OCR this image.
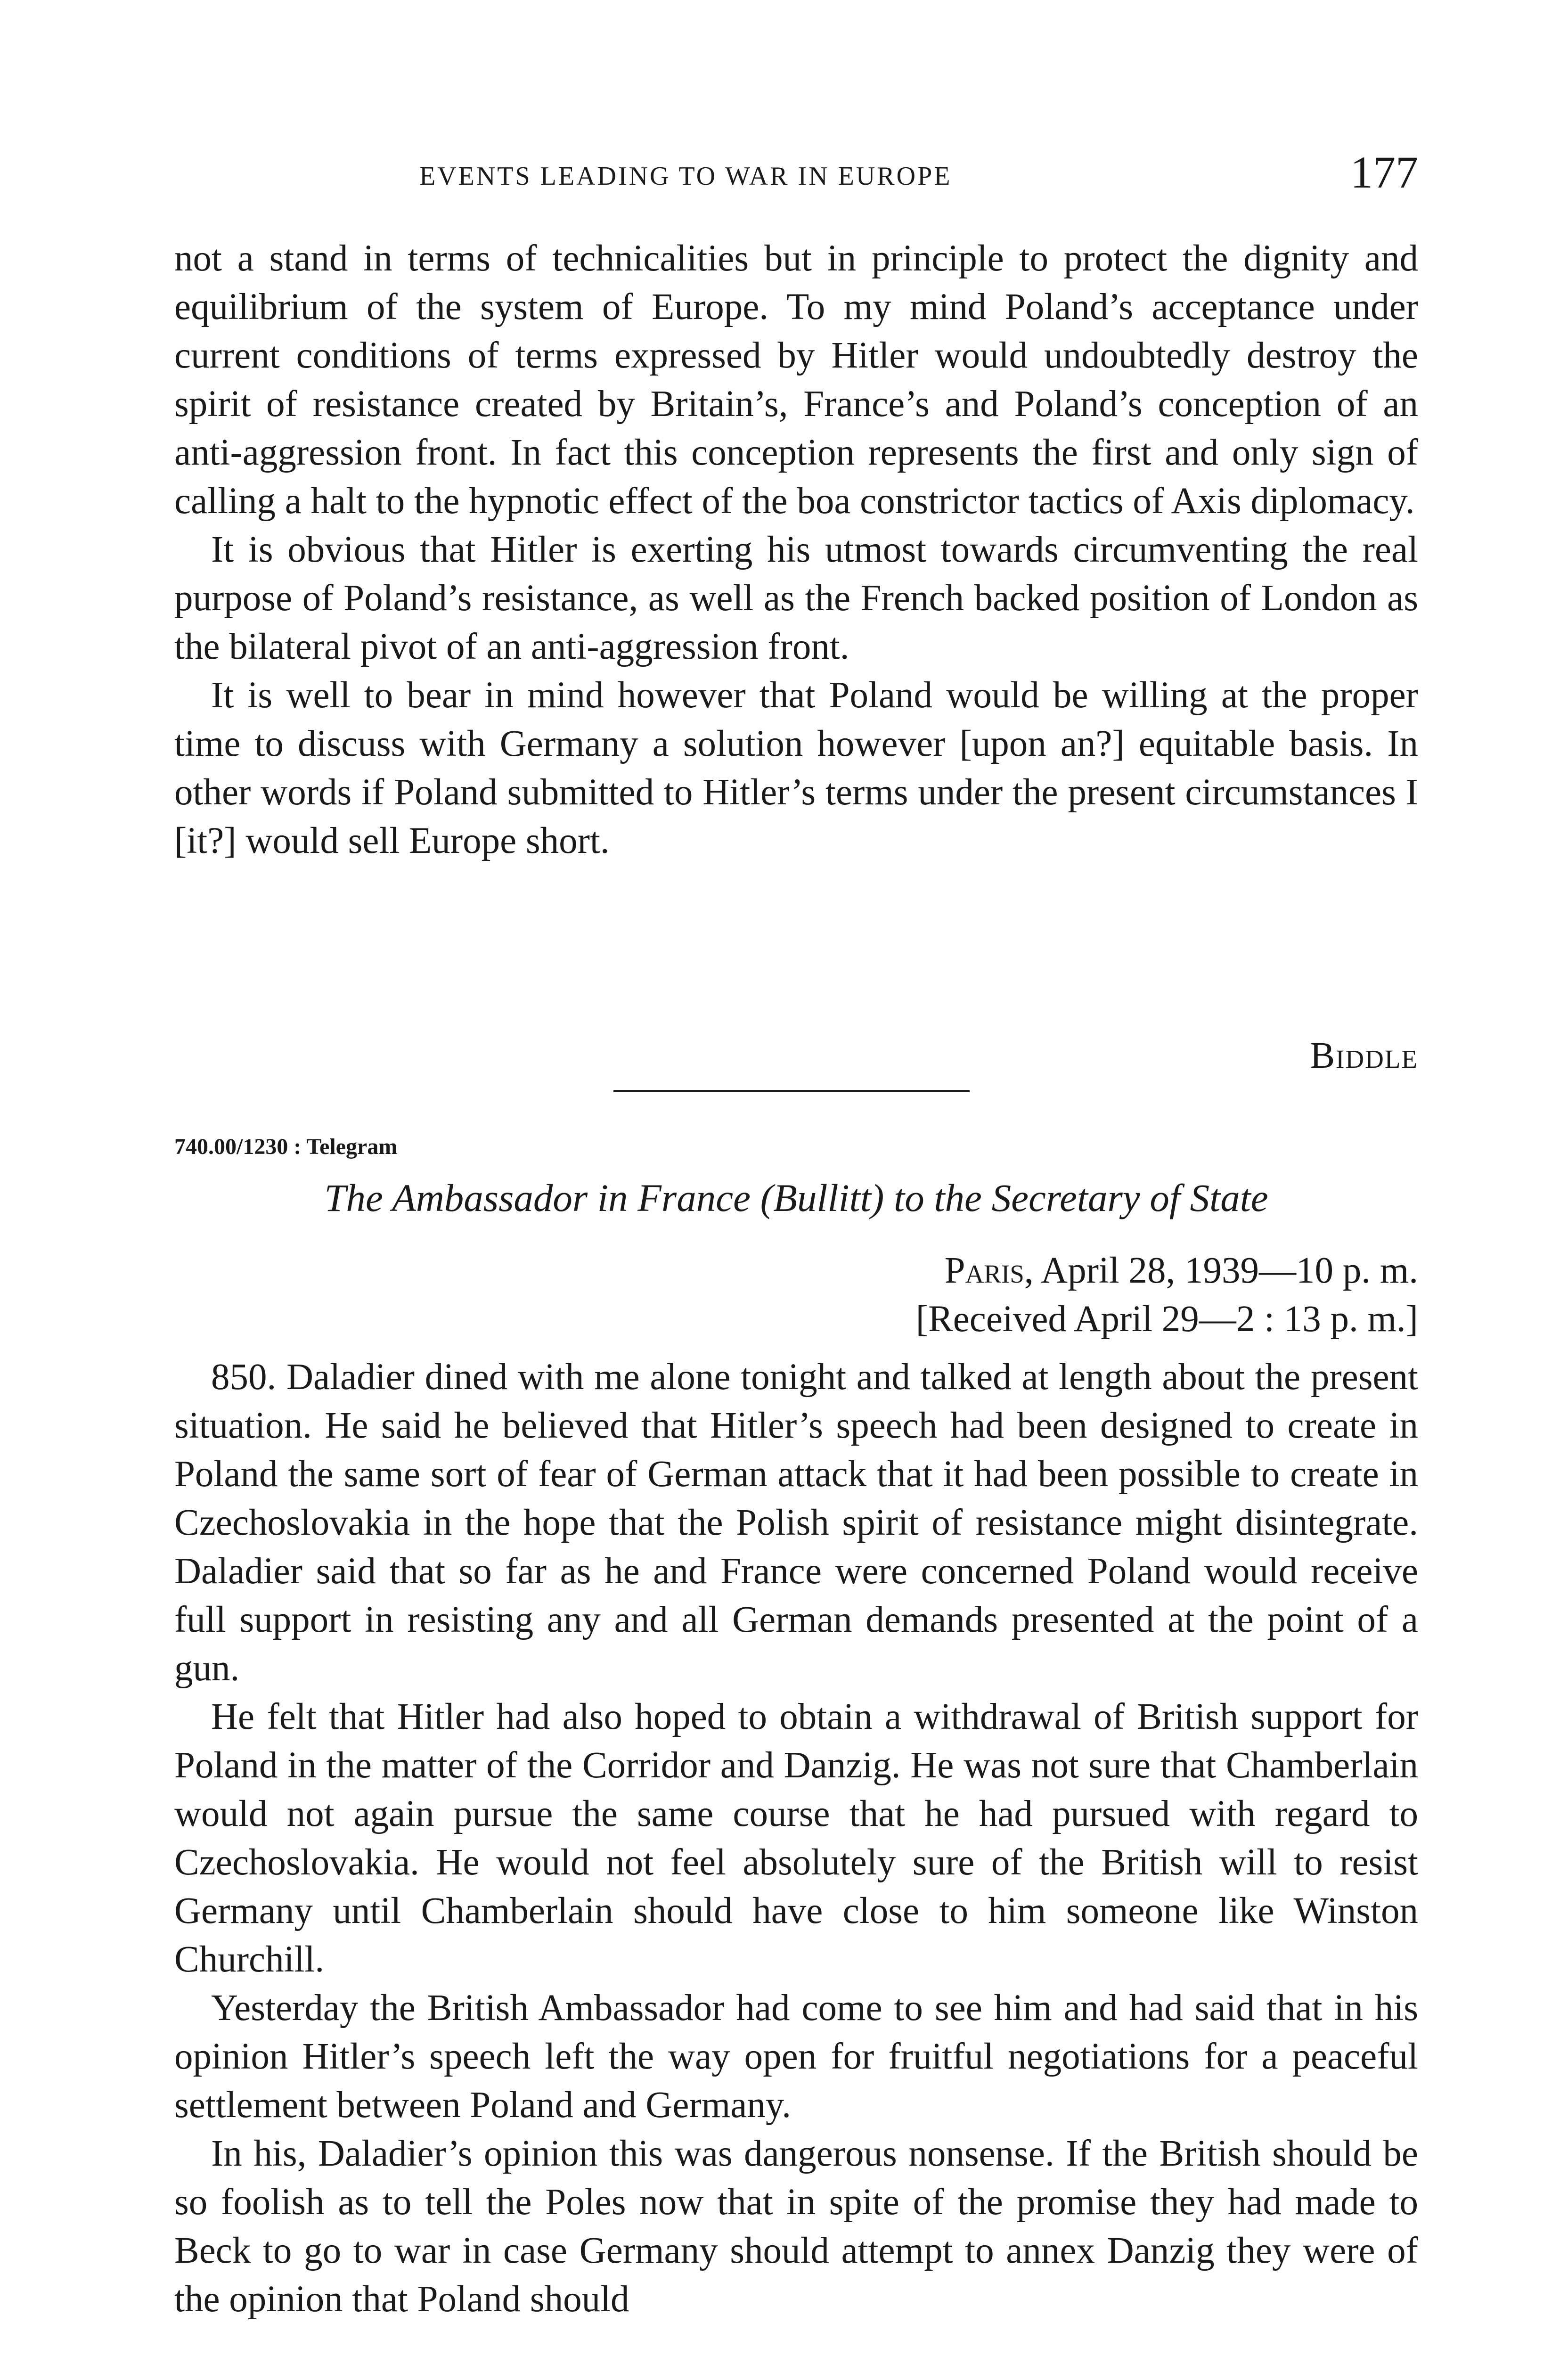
EVENTS LEADING TO WAR IN EUROPE	177

not a stand in terms of technicalities but in principle to protect the dignity and equilibrium of the system of Europe. To my mind Poland’s acceptance under current conditions of terms expressed by Hitler would undoubtedly destroy the spirit of resistance created by Britain’s, France’s and Poland’s conception of an anti-aggression front. In fact this conception represents the first and only sign of calling a halt to the hypnotic effect of the boa constrictor tactics of Axis diplomacy.

It is obvious that Hitler is exerting his utmost towards circumventing the real purpose of Poland’s resistance, as well as the French backed position of London as the bilateral pivot of an anti-aggression front.

It is well to bear in mind however that Poland would be willing at the proper time to discuss with Germany a solution however [upon an?] equitable basis. In other words if Poland submitted to Hitler’s terms under the present circumstances I [it?] would sell Europe short.

Biddle
740.00/1230 : Telegram
The Ambassador in France (Bullitt) to the Secretary of State
Paris, April 28, 1939—10 p. m.
[Received April 29—2 : 13 p. m.]

850. Daladier dined with me alone tonight and talked at length about the present situation. He said he believed that Hitler’s speech had been designed to create in Poland the same sort of fear of German attack that it had been possible to create in Czechoslovakia in the hope that the Polish spirit of resistance might disintegrate. Daladier said that so far as he and France were concerned Poland would receive full support in resisting any and all German demands presented at the point of a gun.

He felt that Hitler had also hoped to obtain a withdrawal of British support for Poland in the matter of the Corridor and Danzig. He was not sure that Chamberlain would not again pursue the same course that he had pursued with regard to Czechoslovakia. He would not feel absolutely sure of the British will to resist Germany until Chamberlain should have close to him someone like Winston Churchill.

Yesterday the British Ambassador had come to see him and had said that in his opinion Hitler’s speech left the way open for fruitful negotiations for a peaceful settlement between Poland and Germany.

In his, Daladier’s opinion this was dangerous nonsense. If the British should be so foolish as to tell the Poles now that in spite of the promise they had made to Beck to go to war in case Germany should attempt to annex Danzig they were of the opinion that Poland should
